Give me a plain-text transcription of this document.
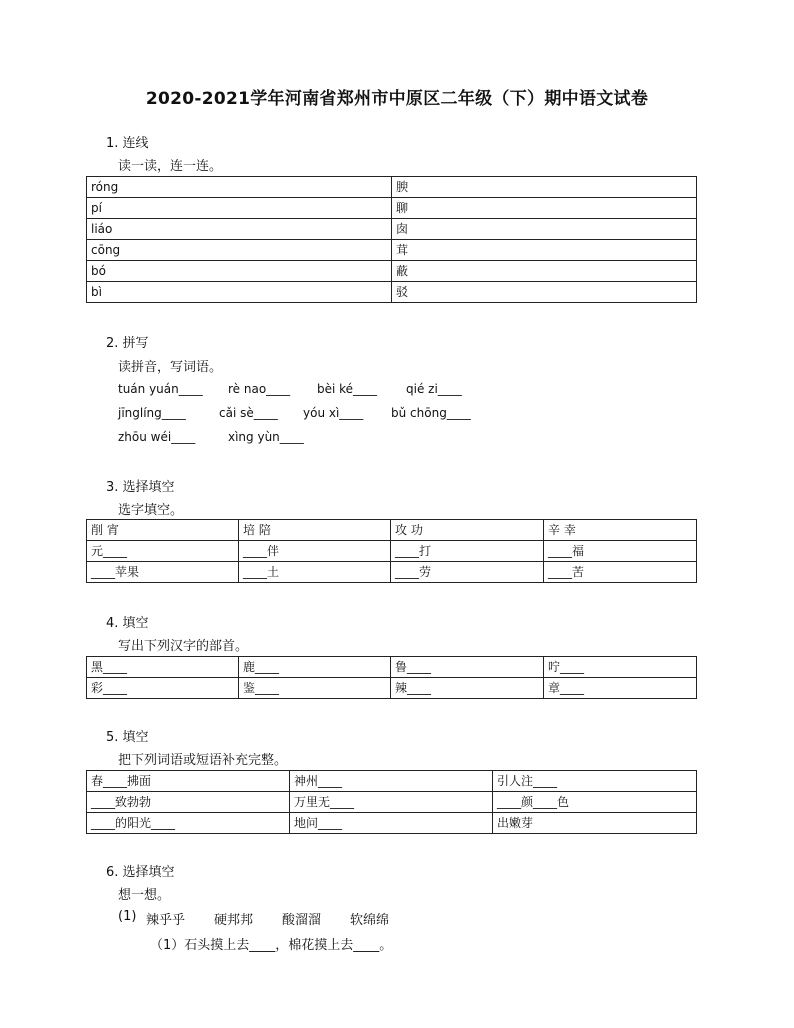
2020-2021学年河南省郑州市中原区二年级（下）期中语文试卷
1. 连线
读一读，连一连。
róng	腴
pí	聊
liáo	囱
cōng	茸
bó	蔽
bì	驳
2. 拼写
读拼音，写词语。
tuán yuán____ rè nao____ bèi ké____ qié zi____
jīnglíng____	cǎi sè____ yóu xì____ bǔ chōng____
zhōu wéi____	xìng yùn____
3. 选择填空
选字填空。
削 宵	培 陪	攻 功	辛 幸
元____	____伴	____打	____福
____苹果	____土	____劳	____苦
4. 填空
写出下列汉字的部首。
黑____	鹿____	鲁____	咛____
彩____	鉴____	辣____	章____
5. 填空
把下列词语或短语补充完整。
春____拂面	神州____	引人注____
____致勃勃	万里无____	____颜____色
____的阳光____	地问____	出嫩芽
6. 选择填空
想一想。
(1) 辣乎乎 硬邦邦 酸溜溜 软绵绵
（1）石头摸上去____，棉花摸上去____。
